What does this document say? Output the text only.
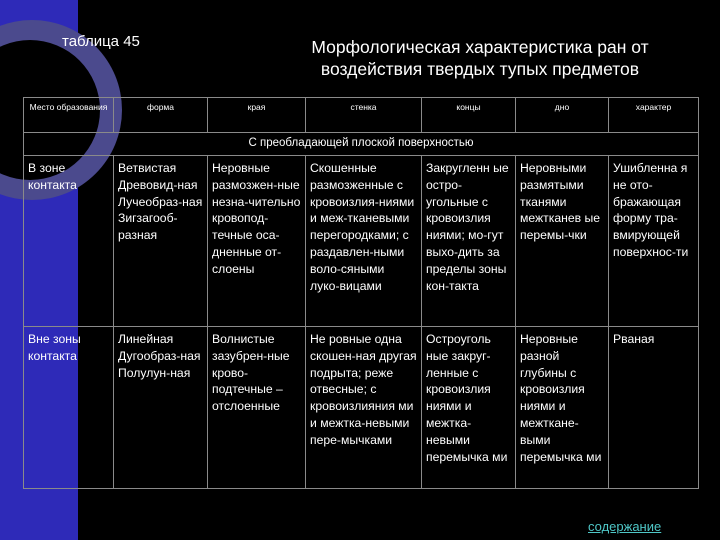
таблица 45	Морфологическая характеристика ран от воздействия твердых тупых предметов
Место образования	форма	края	стенка	концы	дно	характер
С преобладающей плоской поверхностью						
В зоне контакта	Ветвистая Древовид-ная Лучеобраз-ная Зигзагооб-разная	Неровные размозжен-ные незна-чительно кровопод-течные оса-дненные от-слоены	Скошенные размозженные с кровоизлия-ниями и меж-тканевыми перегородками; с раздавлен-ными воло-сяными луко-вицами	Закругленн ые остро-угольные с кровоизлия ниями; мо-гут выхо-дить за пределы зоны кон-такта	Неровными размятыми тканями межтканев ые перемы-чки	Ушибленна я не ото-бражающая форму тра-вмирующей поверхнос-ти
Вне зоны контакта	Линейная Дугообраз-ная Полулун-ная	Волнистые зазубрен-ные крово-подтечные – отслоенные	Не ровные одна скошен-ная другая подрыта; реже отвесные; с кровоизлияния ми и межтка-невыми пере-мычками	Остроуголь ные закруг-ленные с кровоизлия ниями и межтка-невыми перемычка ми	Неровные разной глубины с кровоизлия ниями и межткане-выми перемычка ми	Рваная
содержание
